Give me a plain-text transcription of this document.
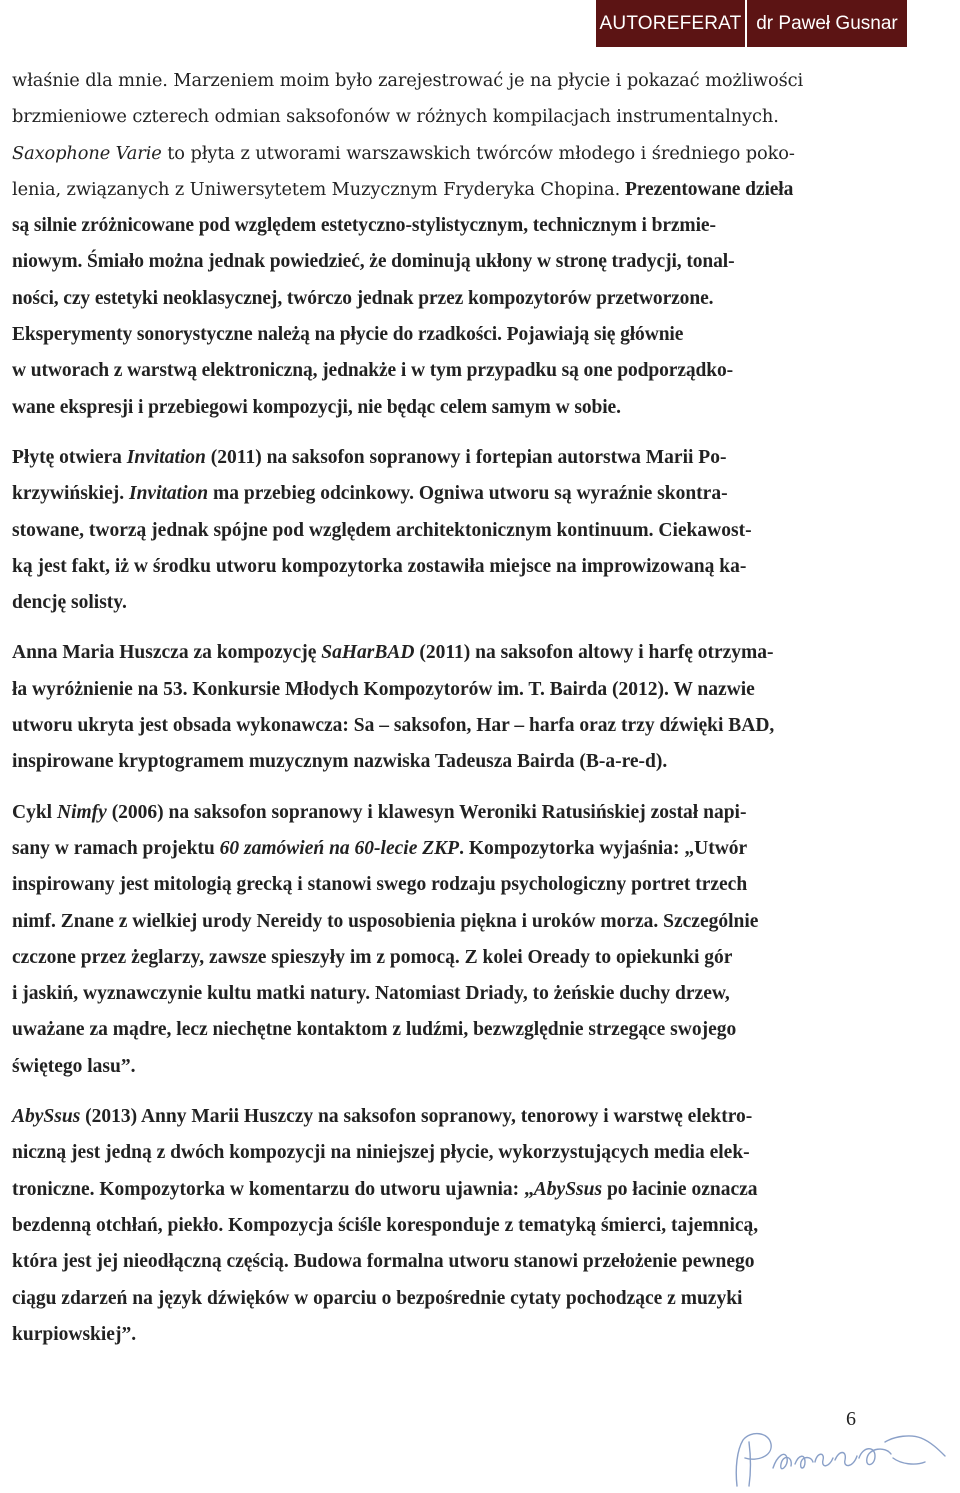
AUTOREFERAT dr Paweł Gusnar

właśnie dla mnie. Marzeniem moim było zarejestrować je na płycie i pokazać możliwości
brzmieniowe czterech odmian saksofonów w różnych kompilacjach instrumentalnych.
Saxophone Varie to płyta z utworami warszawskich twórców młodego i średniego poko-
lenia, związanych z Uniwersytetem Muzycznym Fryderyka Chopina. Prezentowane dzieła
są silnie zróżnicowane pod względem estetyczno-stylistycznym, technicznym i brzmie-
niowym. Śmiało można jednak powiedzieć, że dominują ukłony w stronę tradycji, tonal-
ności, czy estetyki neoklasycznej, twórczo jednak przez kompozytorów przetworzone.
Eksperymenty sonorystyczne należą na płycie do rzadkości. Pojawiają się głównie
w utworach z warstwą elektroniczną, jednakże i w tym przypadku są one podporządko-
wane ekspresji i przebiegowi kompozycji, nie będąc celem samym w sobie.

Płytę otwiera Invitation (2011) na saksofon sopranowy i fortepian autorstwa Marii Po-
krzywińskiej. Invitation ma przebieg odcinkowy. Ogniwa utworu są wyraźnie skontra-
stowane, tworzą jednak spójne pod względem architektonicznym kontinuum. Ciekawost-
ką jest fakt, iż w środku utworu kompozytorka zostawiła miejsce na improwizowaną ka-
dencję solisty.

Anna Maria Huszcza za kompozycję SaHarBAD (2011) na saksofon altowy i harfę otrzyma-
ła wyróżnienie na 53. Konkursie Młodych Kompozytorów im. T. Bairda (2012). W nazwie
utworu ukryta jest obsada wykonawcza: Sa – saksofon, Har – harfa oraz trzy dźwięki BAD,
inspirowane kryptogramem muzycznym nazwiska Tadeusza Bairda (B-a-re-d).

Cykl Nimfy (2006) na saksofon sopranowy i klawesyn Weroniki Ratusińskiej został napi-
sany w ramach projektu 60 zamówień na 60-lecie ZKP. Kompozytorka wyjaśnia: „Utwór
inspirowany jest mitologią grecką i stanowi swego rodzaju psychologiczny portret trzech
nimf. Znane z wielkiej urody Nereidy to usposobienia piękna i uroków morza. Szczególnie
czczone przez żeglarzy, zawsze spieszyły im z pomocą. Z kolei Oready to opiekunki gór
i jaskiń, wyznawczynie kultu matki natury. Natomiast Driady, to żeńskie duchy drzew,
uważane za mądre, lecz niechętne kontaktom z ludźmi, bezwzględnie strzegące swojego
świętego lasu”.

AbySsus (2013) Anny Marii Huszczy na saksofon sopranowy, tenorowy i warstwę elektro-
niczną jest jedną z dwóch kompozycji na niniejszej płycie, wykorzystujących media elek-
troniczne. Kompozytorka w komentarzu do utworu ujawnia: „AbySsus po łacinie oznacza
bezdenną otchłań, piekło. Kompozycja ściśle koresponduje z tematyką śmierci, tajemnicą,
która jest jej nieodłączną częścią. Budowa formalna utworu stanowi przełożenie pewnego
ciągu zdarzeń na język dźwięków w oparciu o bezpośrednie cytaty pochodzące z muzyki
kurpiowskiej”.

6
